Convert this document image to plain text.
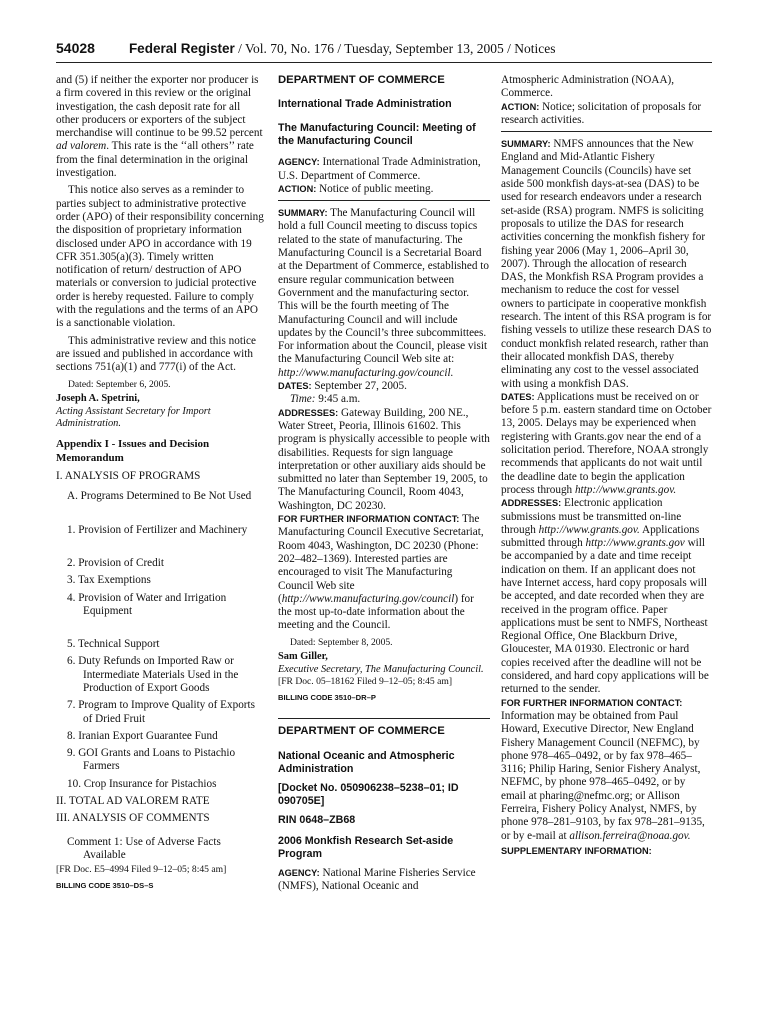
54028	Federal Register / Vol. 70, No. 176 / Tuesday, September 13, 2005 / Notices

and (5) if neither the exporter nor producer is a firm covered in this review or the original investigation, the cash deposit rate for all other producers or exporters of the subject merchandise will continue to be 99.52 percent ad valorem. This rate is the ‘‘all others’’ rate from the final determination in the original investigation.

This notice also serves as a reminder to parties subject to administrative protective order (APO) of their responsibility concerning the disposition of proprietary information disclosed under APO in accordance with 19 CFR 351.305(a)(3). Timely written notification of return/ destruction of APO materials or conversion to judicial protective order is hereby requested. Failure to comply with the regulations and the terms of an APO is a sanctionable violation.

This administrative review and this notice are issued and published in accordance with sections 751(a)(1) and 777(i) of the Act.

Dated: September 6, 2005.

Joseph A. Spetrini,

Acting Assistant Secretary for Import Administration.

Appendix I - Issues and Decision Memorandum

I. ANALYSIS OF PROGRAMS

A. Programs Determined to Be Not Used

1. Provision of Fertilizer and Machinery

2. Provision of Credit

3. Tax Exemptions

4. Provision of Water and Irrigation Equipment

5. Technical Support

6. Duty Refunds on Imported Raw or Intermediate Materials Used in the Production of Export Goods

7. Program to Improve Quality of Exports of Dried Fruit

8. Iranian Export Guarantee Fund

9. GOI Grants and Loans to Pistachio Farmers

10. Crop Insurance for Pistachios

II. TOTAL AD VALOREM RATE

III. ANALYSIS OF COMMENTS

Comment 1: Use of Adverse Facts Available

[FR Doc. E5–4994 Filed 9–12–05; 8:45 am]

BILLING CODE 3510–DS–S

DEPARTMENT OF COMMERCE

International Trade Administration

The Manufacturing Council: Meeting of the Manufacturing Council

AGENCY: International Trade Administration, U.S. Department of Commerce.

ACTION: Notice of public meeting.

SUMMARY: The Manufacturing Council will hold a full Council meeting to discuss topics related to the state of manufacturing. The Manufacturing Council is a Secretarial Board at the Department of Commerce, established to ensure regular communication between Government and the manufacturing sector. This will be the fourth meeting of The Manufacturing Council and will include updates by the Council’s three subcommittees. For information about the Council, please visit the Manufacturing Council Web site at: http://www.manufacturing.gov/council.

DATES: September 27, 2005.

Time: 9:45 a.m.

ADDRESSES: Gateway Building, 200 NE., Water Street, Peoria, Illinois 61602. This program is physically accessible to people with disabilities. Requests for sign language interpretation or other auxiliary aids should be submitted no later than September 19, 2005, to The Manufacturing Council, Room 4043, Washington, DC 20230.

FOR FURTHER INFORMATION CONTACT: The Manufacturing Council Executive Secretariat, Room 4043, Washington, DC 20230 (Phone: 202–482–1369). Interested parties are encouraged to visit The Manufacturing Council Web site (http://www.manufacturing.gov/council) for the most up-to-date information about the meeting and the Council.

Dated: September 8, 2005.

Sam Giller,

Executive Secretary, The Manufacturing Council.

[FR Doc. 05–18162 Filed 9–12–05; 8:45 am]

BILLING CODE 3510–DR–P

DEPARTMENT OF COMMERCE

National Oceanic and Atmospheric Administration

[Docket No. 050906238–5238–01; ID 090705E]

RIN 0648–ZB68

2006 Monkfish Research Set-aside Program

AGENCY: National Marine Fisheries Service (NMFS), National Oceanic and

Atmospheric Administration (NOAA), Commerce.

ACTION: Notice; solicitation of proposals for research activities.

SUMMARY: NMFS announces that the New England and Mid-Atlantic Fishery Management Councils (Councils) have set aside 500 monkfish days-at-sea (DAS) to be used for research endeavors under a research set-aside (RSA) program. NMFS is soliciting proposals to utilize the DAS for research activities concerning the monkfish fishery for fishing year 2006 (May 1, 2006–April 30, 2007). Through the allocation of research DAS, the Monkfish RSA Program provides a mechanism to reduce the cost for vessel owners to participate in cooperative monkfish research. The intent of this RSA program is for fishing vessels to utilize these research DAS to conduct monkfish related research, rather than their allocated monkfish DAS, thereby eliminating any cost to the vessel associated with using a monkfish DAS.

DATES: Applications must be received on or before 5 p.m. eastern standard time on October 13, 2005. Delays may be experienced when registering with Grants.gov near the end of a solicitation period. Therefore, NOAA strongly recommends that applicants do not wait until the deadline date to begin the application process through http://www.grants.gov.

ADDRESSES: Electronic application submissions must be transmitted on-line through http://www.grants.gov. Applications submitted through http://www.grants.gov will be accompanied by a date and time receipt indication on them. If an applicant does not have Internet access, hard copy proposals will be accepted, and date recorded when they are received in the program office. Paper applications must be sent to NMFS, Northeast Regional Office, One Blackburn Drive, Gloucester, MA 01930. Electronic or hard copies received after the deadline will not be considered, and hard copy applications will be returned to the sender.

FOR FURTHER INFORMATION CONTACT: Information may be obtained from Paul Howard, Executive Director, New England Fishery Management Council (NEFMC), by phone 978–465–0492, or by fax 978–465–3116; Philip Haring, Senior Fishery Analyst, NEFMC, by phone 978–465–0492, or by email at pharing@nefmc.org; or Allison Ferreira, Fishery Policy Analyst, NMFS, by phone 978–281–9103, by fax 978–281–9135, or by e-mail at allison.ferreira@noaa.gov.

SUPPLEMENTARY INFORMATION:
